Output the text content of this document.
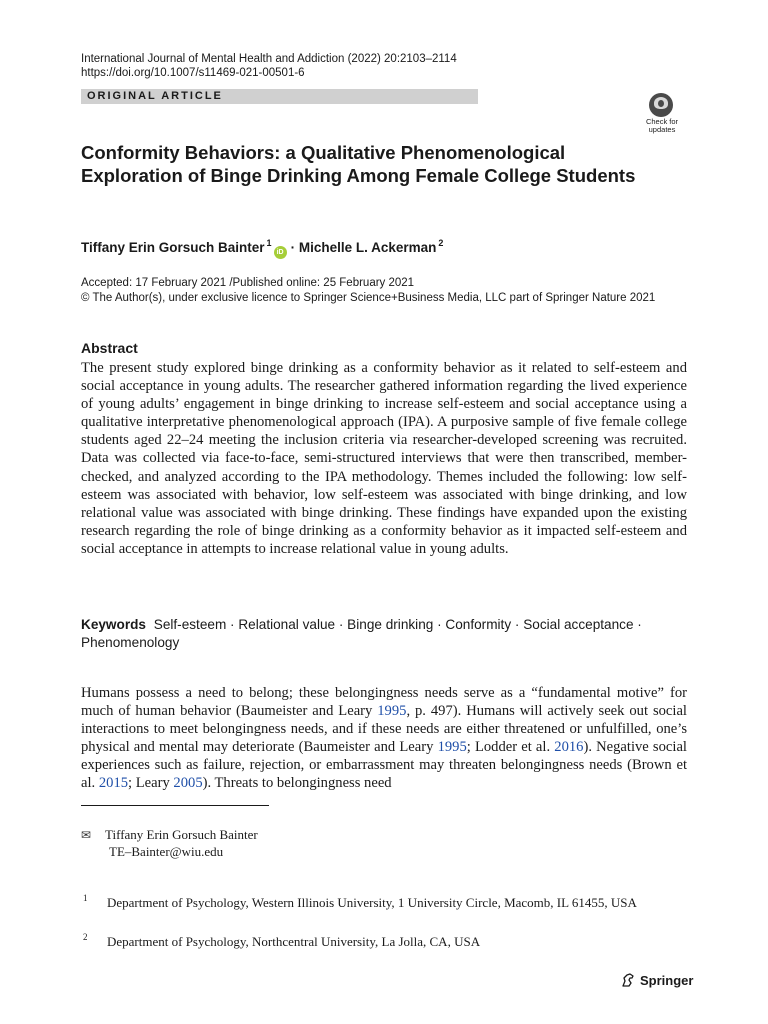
International Journal of Mental Health and Addiction (2022) 20:2103–2114
https://doi.org/10.1007/s11469-021-00501-6
ORIGINAL ARTICLE
Check for updates
Conformity Behaviors: a Qualitative Phenomenological Exploration of Binge Drinking Among Female College Students
Tiffany Erin Gorsuch Bainter $^1$iD · Michelle L. Ackerman $^2$
Accepted: 17 February 2021 /Published online: 25 February 2021
© The Author(s), under exclusive licence to Springer Science+Business Media, LLC part of Springer Nature 2021
Abstract
The present study explored binge drinking as a conformity behavior as it related to self-esteem and social acceptance in young adults. The researcher gathered information regarding the lived experience of young adults’ engagement in binge drinking to increase self-esteem and social acceptance using a qualitative interpretative phenomenological approach (IPA). A purposive sample of five female college students aged 22–24 meeting the inclusion criteria via researcher-developed screening was recruited. Data was collected via face-to-face, semi-structured interviews that were then transcribed, member-checked, and analyzed according to the IPA methodology. Themes included the following: low self-esteem was associated with behavior, low self-esteem was associated with binge drinking, and low relational value was associated with binge drinking. These findings have expanded upon the existing research regarding the role of binge drinking as a conformity behavior as it impacted self-esteem and social acceptance in attempts to increase relational value in young adults.
Keywords Self-esteem · Relational value · Binge drinking · Conformity · Social acceptance · Phenomenology
Humans possess a need to belong; these belongingness needs serve as a “fundamental motive” for much of human behavior (Baumeister and Leary 1995, p. 497). Humans will actively seek out social interactions to meet belongingness needs, and if these needs are either threatened or unfulfilled, one’s physical and mental may deteriorate (Baumeister and Leary 1995; Lodder et al. 2016). Negative social experiences such as failure, rejection, or embarrassment may threaten belongingness needs (Brown et al. 2015; Leary 2005). Threats to belongingness need
✉ Tiffany Erin Gorsuch Bainter
TE–Bainter@wiu.edu
1 Department of Psychology, Western Illinois University, 1 University Circle, Macomb, IL 61455, USA
2 Department of Psychology, Northcentral University, La Jolla, CA, USA
Springer
